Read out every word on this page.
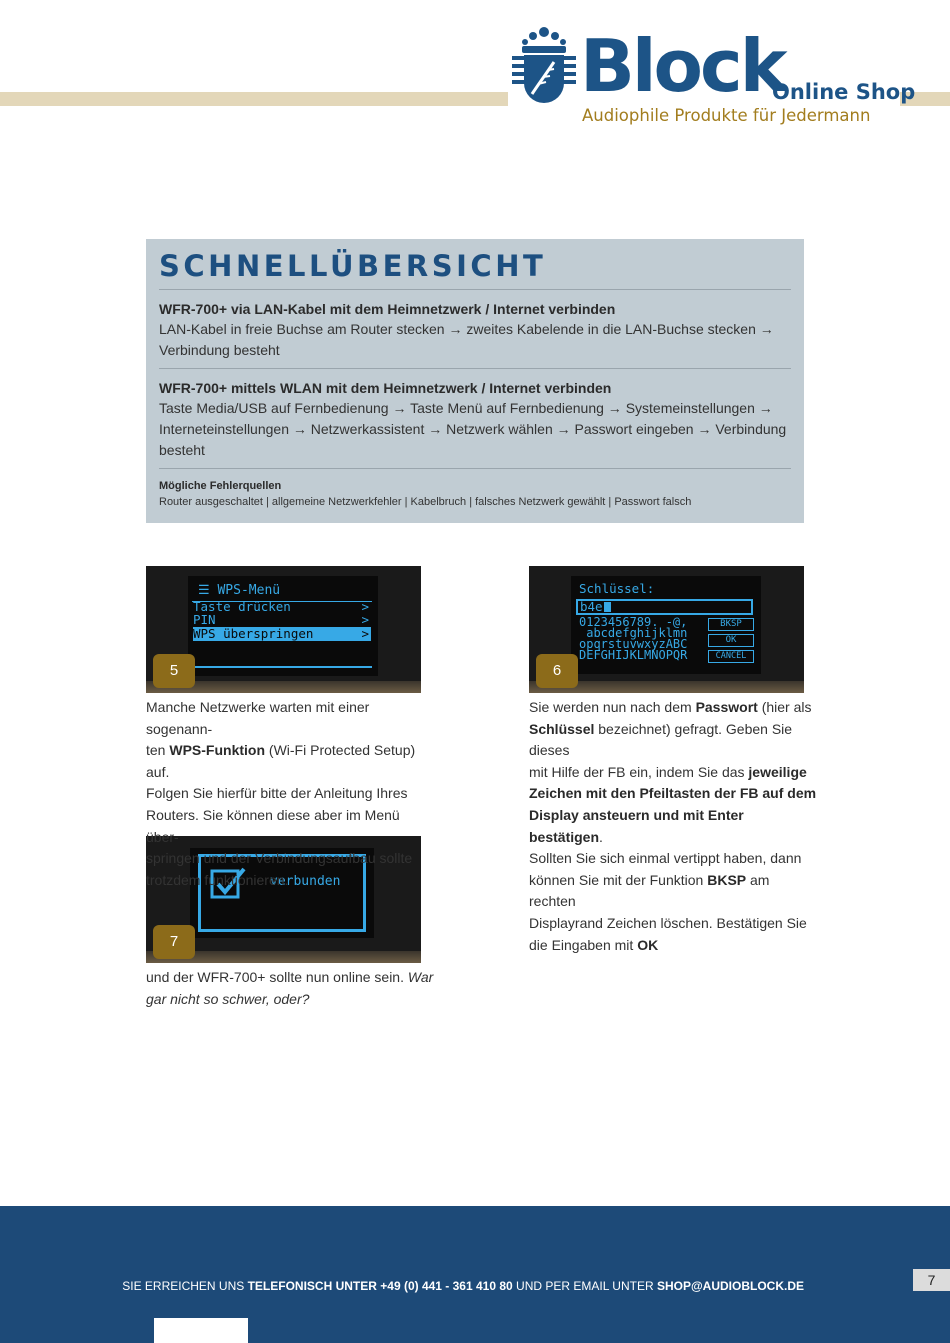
Block
Online Shop
Audiophile Produkte für Jedermann
SCHNELLÜBERSICHT
WFR-700+ via LAN-Kabel mit dem Heimnetzwerk / Internet verbinden
LAN-Kabel in freie Buchse am Router stecken → zweites Kabelende in die LAN-Buchse stecken →
Verbindung besteht
WFR-700+ mittels WLAN mit dem Heimnetzwerk / Internet verbinden
Taste Media/USB auf Fernbedienung → Taste Menü auf Fernbedienung → Systemeinstellungen →
Interneteinstellungen → Netzwerkassistent → Netzwerk wählen → Passwort eingeben → Verbindung
besteht
Mögliche Fehlerquellen
Router ausgeschaltet | allgemeine Netzwerkfehler | Kabelbruch | falsches Netzwerk gewählt | Passwort falsch
☰ WPS-Menü
Taste drücken	>
PIN	>
WPS überspringen	>
5
Schlüssel:
b4e
0123456789. -@,
abcdefghijklmn
opqrstuvwxyzABC
DEFGHIJKLMNOPQR
BKSP
OK
CANCEL
6
verbunden
7
Manche Netzwerke warten mit einer sogenann-
ten WPS-Funktion (Wi-Fi Protected Setup) auf.
Folgen Sie hierfür bitte der Anleitung Ihres
Routers. Sie können diese aber im Menü über-
springen und der Verbindungsaufbau sollte
trotzdem funktionieren.
Sie werden nun nach dem Passwort (hier als
Schlüssel bezeichnet) gefragt. Geben Sie dieses
mit Hilfe der FB ein, indem Sie das jeweilige
Zeichen mit den Pfeiltasten der FB auf dem
Display ansteuern und mit Enter bestätigen.
Sollten Sie sich einmal vertippt haben, dann
können Sie mit der Funktion BKSP am rechten
Displayrand Zeichen löschen. Bestätigen Sie
die Eingaben mit OK
und der WFR-700+ sollte nun online sein. War
gar nicht so schwer, oder?
SIE ERREICHEN UNS TELEFONISCH UNTER +49 (0) 441 - 361 410 80 UND PER EMAIL UNTER SHOP@AUDIOBLOCK.DE	7
